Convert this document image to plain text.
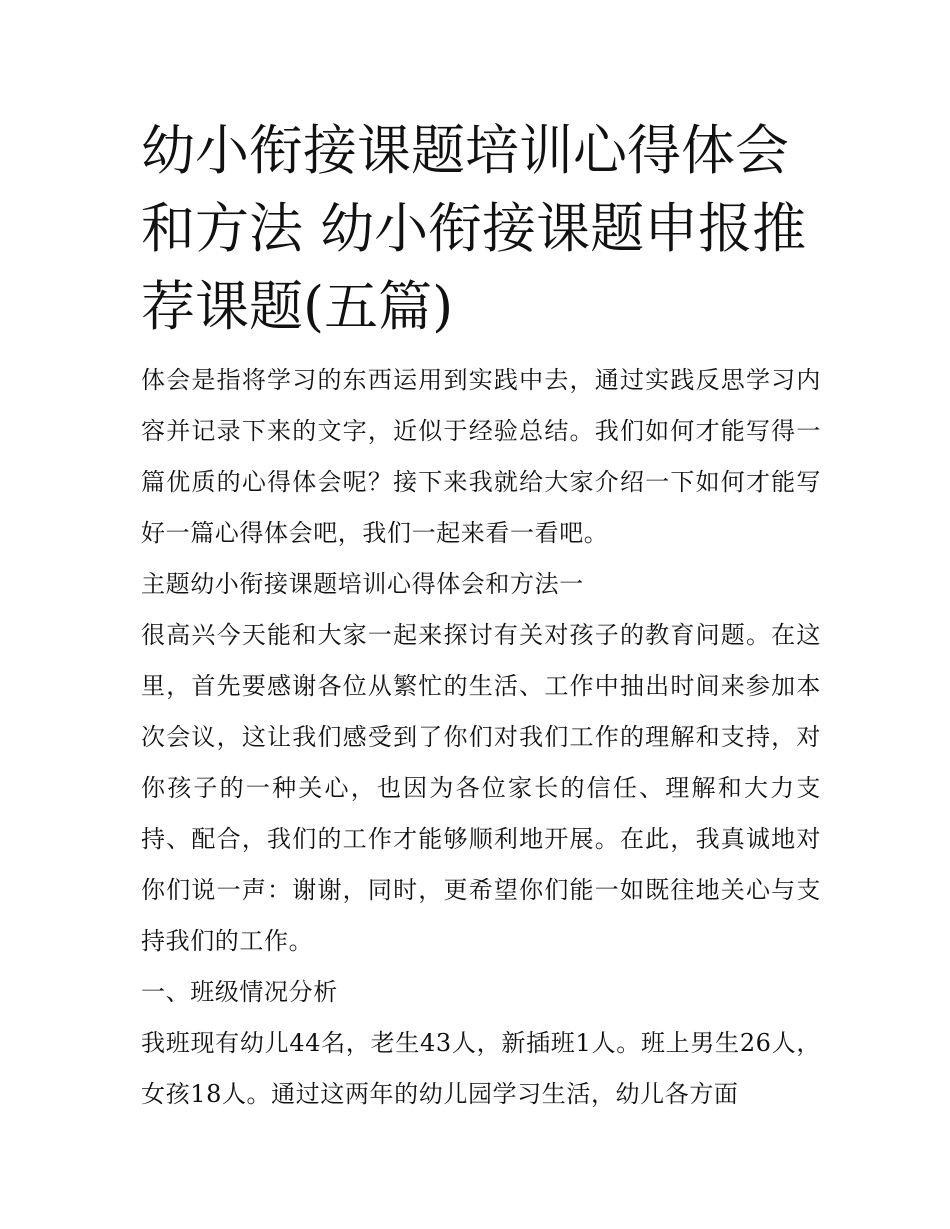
幼小衔接课题培训心得体会和方法 幼小衔接课题申报推荐课题(五篇)

体会是指将学习的东西运用到实践中去，通过实践反思学习内容并记录下来的文字，近似于经验总结。我们如何才能写得一篇优质的心得体会呢？接下来我就给大家介绍一下如何才能写好一篇心得体会吧，我们一起来看一看吧。

主题幼小衔接课题培训心得体会和方法一

很高兴今天能和大家一起来探讨有关对孩子的教育问题。在这里，首先要感谢各位从繁忙的生活、工作中抽出时间来参加本次会议，这让我们感受到了你们对我们工作的理解和支持，对你孩子的一种关心，也因为各位家长的信任、理解和大力支持、配合，我们的工作才能够顺利地开展。在此，我真诚地对你们说一声：谢谢，同时，更希望你们能一如既往地关心与支持我们的工作。

一、班级情况分析

我班现有幼儿44名，老生43人，新插班1人。班上男生26人，女孩18人。通过这两年的幼儿园学习生活，幼儿各方面
